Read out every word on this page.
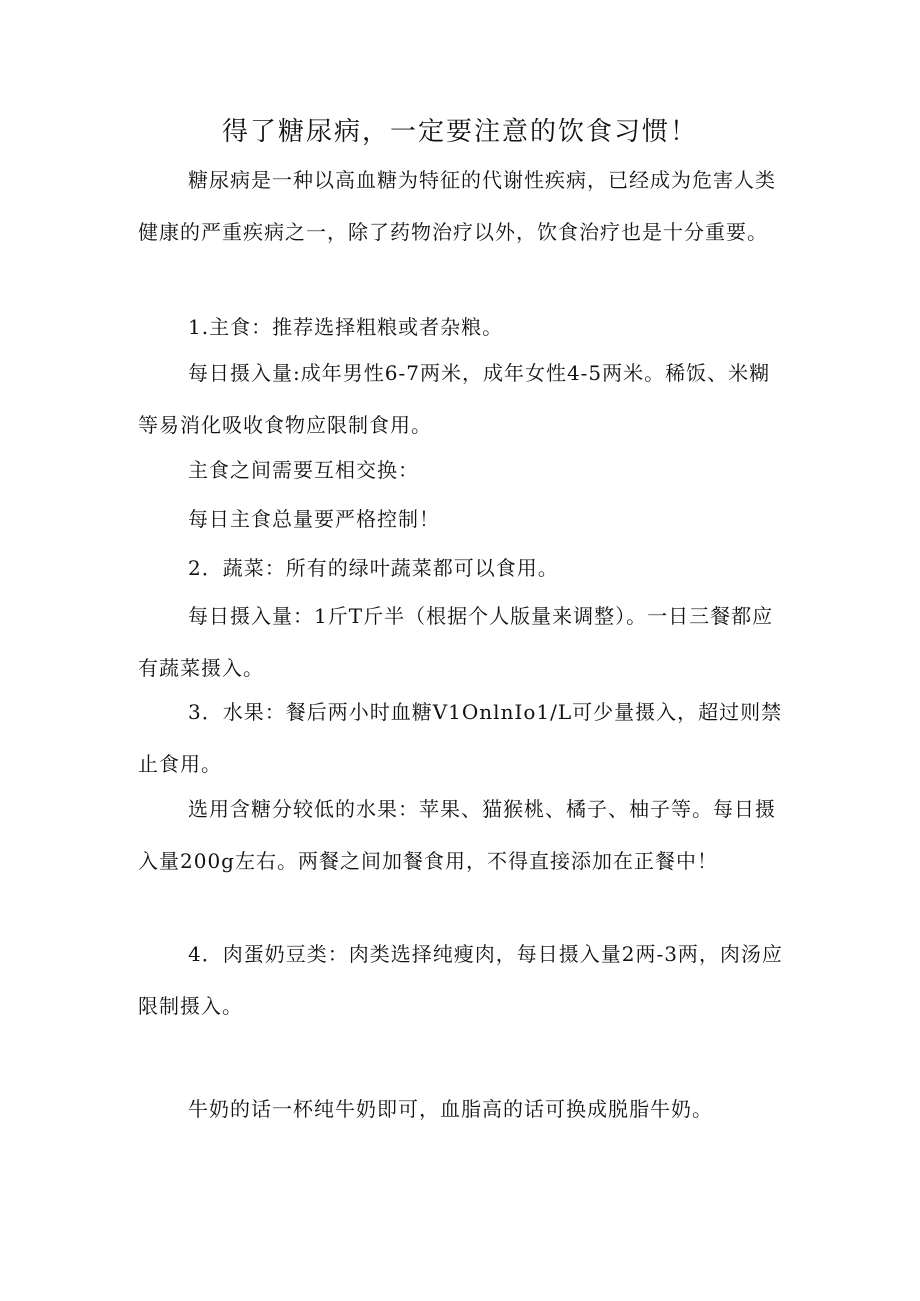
得了糖尿病，一定要注意的饮食习惯！

糖尿病是一种以高血糖为特征的代谢性疾病，已经成为危害人类健康的严重疾病之一，除了药物治疗以外，饮食治疗也是十分重要。

1.主食：推荐选择粗粮或者杂粮。

每日摄入量:成年男性6-7两米，成年女性4-5两米。稀饭、米糊等易消化吸收食物应限制食用。

主食之间需要互相交换：

每日主食总量要严格控制！

2．蔬菜：所有的绿叶蔬菜都可以食用。

每日摄入量：1斤T斤半（根据个人版量来调整）。一日三餐都应有蔬菜摄入。

3．水果：餐后两小时血糖V1OnlnIo1/L可少量摄入，超过则禁止食用。

选用含糖分较低的水果：苹果、猫猴桃、橘子、柚子等。每日摄入量200g左右。两餐之间加餐食用，不得直接添加在正餐中！

4．肉蛋奶豆类：肉类选择纯瘦肉，每日摄入量2两-3两，肉汤应限制摄入。

牛奶的话一杯纯牛奶即可，血脂高的话可换成脱脂牛奶。
